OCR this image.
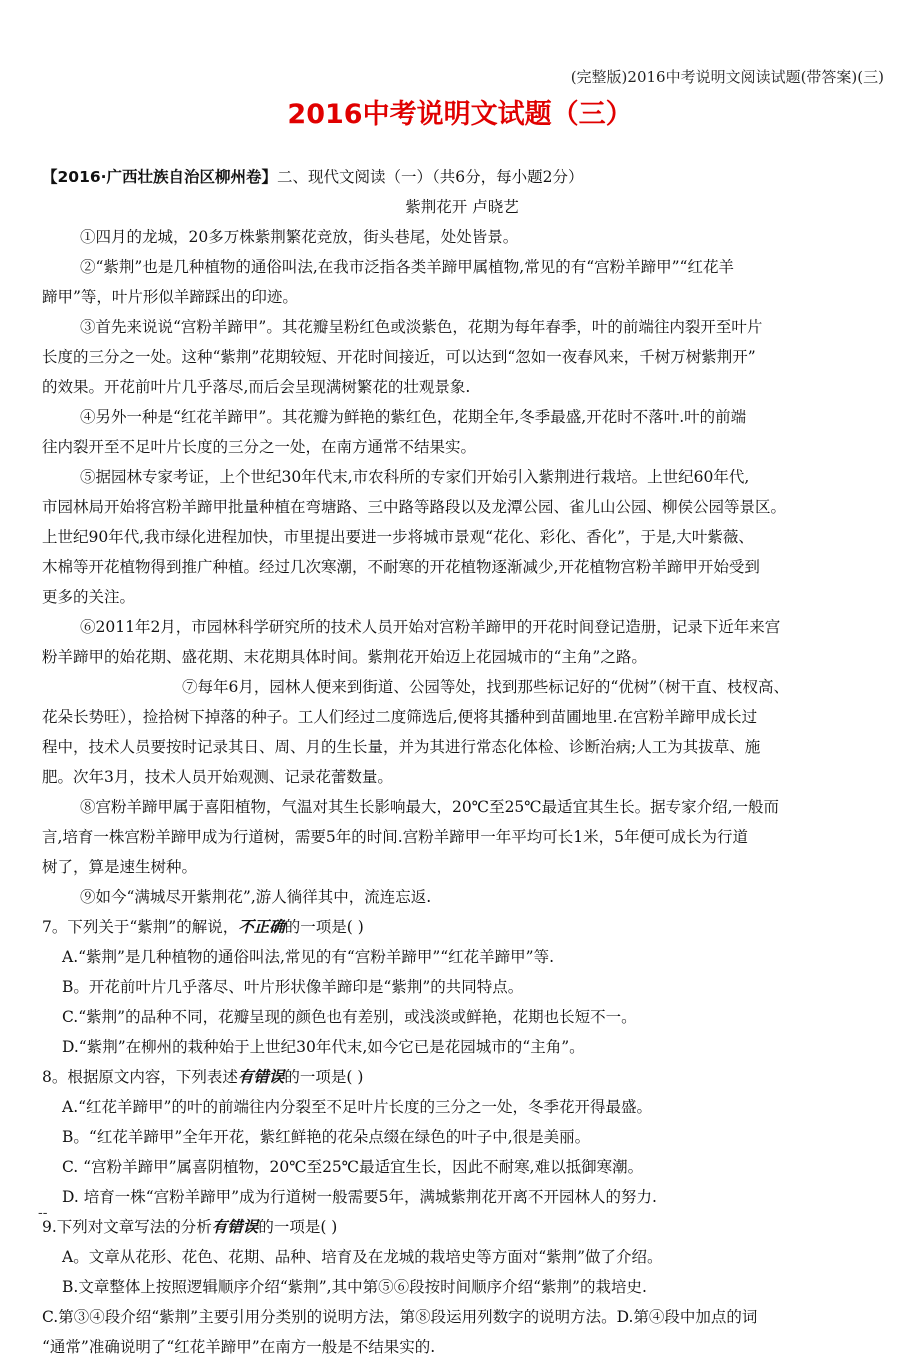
(完整版)2016中考说明文阅读试题(带答案)(三)
2016中考说明文试题（三）
【2016·广西壮族自治区柳州卷】二、现代文阅读（一）（共6分，每小题2分）
紫荆花开 卢晓艺
①四月的龙城，20多万株紫荆繁花竞放，街头巷尾，处处皆景。
②“紫荆”也是几种植物的通俗叫法,在我市泛指各类羊蹄甲属植物,常见的有“宫粉羊蹄甲”“红花羊
蹄甲”等，叶片形似羊蹄踩出的印迹。
③首先来说说“宫粉羊蹄甲”。其花瓣呈粉红色或淡紫色，花期为每年春季，叶的前端往内裂开至叶片
长度的三分之一处。这种“紫荆”花期较短、开花时间接近，可以达到“忽如一夜春风来，千树万树紫荆开”
的效果。开花前叶片几乎落尽,而后会呈现满树繁花的壮观景象.
④另外一种是“红花羊蹄甲”。其花瓣为鲜艳的紫红色，花期全年,冬季最盛,开花时不落叶.叶的前端
往内裂开至不足叶片长度的三分之一处，在南方通常不结果实。
⑤据园林专家考证，上个世纪30年代末,市农科所的专家们开始引入紫荆进行栽培。上世纪60年代,
市园林局开始将宫粉羊蹄甲批量种植在弯塘路、三中路等路段以及龙潭公园、雀儿山公园、柳侯公园等景区。
上世纪90年代,我市绿化进程加快，市里提出要进一步将城市景观“花化、彩化、香化”，于是,大叶紫薇、
木棉等开花植物得到推广种植。经过几次寒潮，不耐寒的开花植物逐渐减少,开花植物宫粉羊蹄甲开始受到
更多的关注。
⑥2011年2月，市园林科学研究所的技术人员开始对宫粉羊蹄甲的开花时间登记造册，记录下近年来宫
粉羊蹄甲的始花期、盛花期、末花期具体时间。紫荆花开始迈上花园城市的“主角”之路。
⑦每年6月，园林人便来到街道、公园等处，找到那些标记好的“优树”（树干直、枝杈高、
花朵长势旺），捡拾树下掉落的种子。工人们经过二度筛选后,便将其播种到苗圃地里.在宫粉羊蹄甲成长过
程中，技术人员要按时记录其日、周、月的生长量，并为其进行常态化体检、诊断治病;人工为其拔草、施
肥。次年3月，技术人员开始观测、记录花蕾数量。
⑧宫粉羊蹄甲属于喜阳植物，气温对其生长影响最大，20℃至25℃最适宜其生长。据专家介绍,一般而
言,培育一株宫粉羊蹄甲成为行道树，需要5年的时间.宫粉羊蹄甲一年平均可长1米，5年便可成长为行道
树了，算是速生树种。
⑨如今“满城尽开紫荆花”,游人徜徉其中，流连忘返.
7。下列关于“紫荆”的解说，不正确的一项是( )
A.“紫荆”是几种植物的通俗叫法,常见的有“宫粉羊蹄甲”“红花羊蹄甲”等.
B。开花前叶片几乎落尽、叶片形状像羊蹄印是“紫荆”的共同特点。
C.“紫荆”的品种不同，花瓣呈现的颜色也有差别，或浅淡或鲜艳，花期也长短不一。
D.“紫荆”在柳州的栽种始于上世纪30年代末,如今它已是花园城市的“主角”。
8。根据原文内容，下列表述有错误的一项是( )
A.“红花羊蹄甲”的叶的前端往内分裂至不足叶片长度的三分之一处，冬季花开得最盛。
B。“红花羊蹄甲”全年开花，紫红鲜艳的花朵点缀在绿色的叶子中,很是美丽。
C. “宫粉羊蹄甲”属喜阴植物，20℃至25℃最适宜生长，因此不耐寒,难以抵御寒潮。
D. 培育一株“宫粉羊蹄甲”成为行道树一般需要5年，满城紫荆花开离不开园林人的努力.
9.下列对文章写法的分析有错误的一项是( )
A。文章从花形、花色、花期、品种、培育及在龙城的栽培史等方面对“紫荆”做了介绍。
B.文章整体上按照逻辑顺序介绍“紫荆”,其中第⑤⑥段按时间顺序介绍“紫荆”的栽培史.
C.第③④段介绍“紫荆”主要引用分类别的说明方法，第⑧段运用列数字的说明方法。D.第④段中加点的词
“通常”准确说明了“红花羊蹄甲”在南方一般是不结果实的.
--
